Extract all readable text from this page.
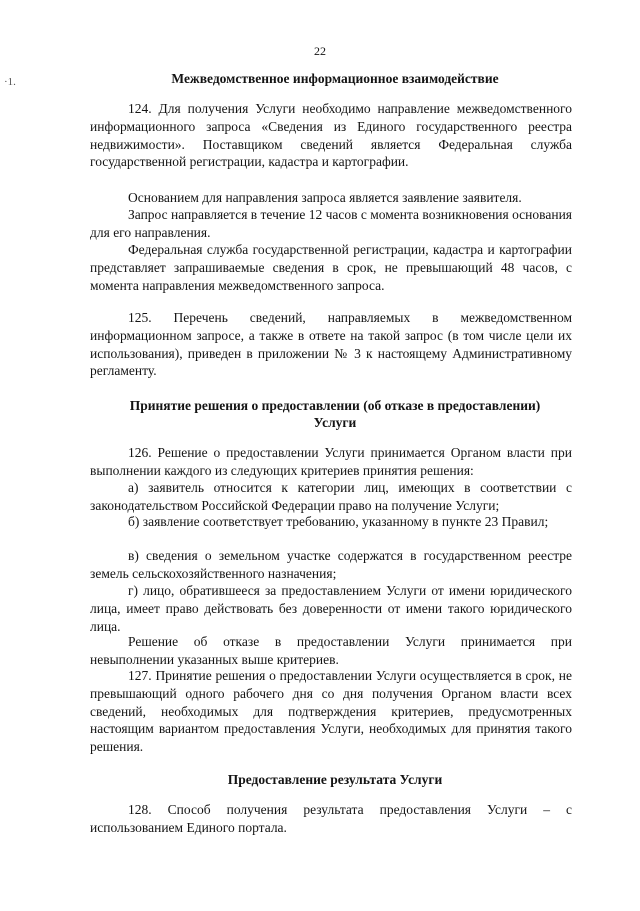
·1.
22
Межведомственное информационное взаимодействие

124. Для получения Услуги необходимо направление межведомственного информационного запроса «Сведения из Единого государственного реестра недвижимости». Поставщиком сведений является Федеральная служба государственной регистрации, кадастра и картографии.

Основанием для направления запроса является заявление заявителя.

Запрос направляется в течение 12 часов с момента возникновения основания для его направления.

Федеральная служба государственной регистрации, кадастра и картографии представляет запрашиваемые сведения в срок, не превышающий 48 часов, с момента направления межведомственного запроса.

125. Перечень сведений, направляемых в межведомственном информационном запросе, а также в ответе на такой запрос (в том числе цели их использования), приведен в приложении № 3 к настоящему Административному регламенту.

Принятие решения о предоставлении (об отказе в предоставлении)
Услуги

126. Решение о предоставлении Услуги принимается Органом власти при выполнении каждого из следующих критериев принятия решения:

а) заявитель относится к категории лиц, имеющих в соответствии с законодательством Российской Федерации право на получение Услуги;

б) заявление соответствует требованию, указанному в пункте 23 Правил;

в) сведения о земельном участке содержатся в государственном реестре земель сельскохозяйственного назначения;

г) лицо, обратившееся за предоставлением Услуги от имени юридического лица, имеет право действовать без доверенности от имени такого юридического лица.

Решение об отказе в предоставлении Услуги принимается при невыполнении указанных выше критериев.

127. Принятие решения о предоставлении Услуги осуществляется в срок, не превышающий одного рабочего дня со дня получения Органом власти всех сведений, необходимых для подтверждения критериев, предусмотренных настоящим вариантом предоставления Услуги, необходимых для принятия такого решения.

Предоставление результата Услуги

128. Способ получения результата предоставления Услуги – с использованием Единого портала.
